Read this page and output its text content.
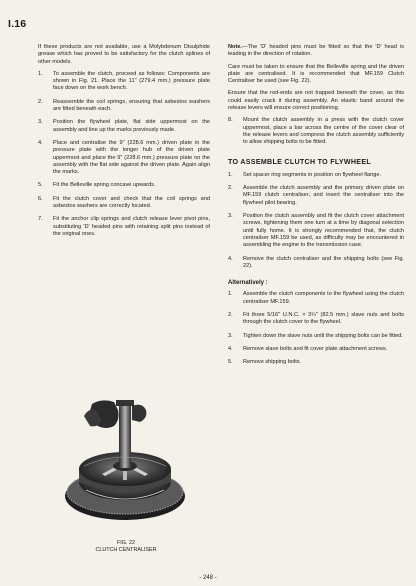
I.16

If these products are not available, use a Molybdenum Disulphide grease which has proved to be satisfactory for the clutch splines of other models.

1.	To assemble the clutch, proceed as follows: Components are shown in Fig. 21. Place the 11" (279.4 mm.) pressure plate face down on the work bench.
2.	Reassemble the coil springs, ensuring that asbestos washers are fitted beneath each.
3.	Position the flywheel plate, flat side uppermost on the assembly and line up the marks previously made.
4.	Place and centralise the 9" (228.6 mm.) driven plate in the pressure plate with the longer hub of the driven plate uppermost and place the 9" (228.6 mm.) pressure plate on the assembly with the flat side against the driven plate. Again align the marks.
5.	Fit the Belleville spring concave upwards.
6.	Fit the clutch cover and check that the coil springs and asbestos washers are correctly located.
7.	Fit the anchor clip springs and clutch release lever pivot pins, substituting 'D' headed pins with retaining split pins instead of the original ones.
FIG. 22
CLUTCH CENTRALISER

Note.—The 'D' headed pins must be fitted so that the 'D' head is leading in the direction of rotation.

Care must be taken to ensure that the Belleville spring and the driven plate are centralised. It is recommended that MF.159 Clutch Centraliser be used (see Fig. 22).

Ensure that the rod-ends are not trapped beneath the cover, as this could easily crack it during assembly. An elastic band around the release levers will ensure correct positioning.

8.	Mount the clutch assembly in a press with the clutch cover uppermost, place a bar across the centre of the cover clear of the release levers and compress the clutch assembly sufficiently to allow shipping bolts to be fitted.
TO ASSEMBLE CLUTCH TO FLYWHEEL
1.	Set spacer ring segments in position on flywheel flange.
2.	Assemble the clutch assembly and the primary driven plate on MF.159 clutch centraliser, and insert the centraliser into the flywheel pilot bearing.
3.	Position the clutch assembly and fit the clutch cover attachment screws, tightening them one turn at a time by diagonal selection until fully home. It is strongly recommended that, the clutch centraliser MF.159 be used, as difficulty may be encountered in assembling the engine to the transmission case.
4.	Remove the clutch centraliser and the shipping bolts (see Fig. 22).
Alternatively :
1.	Assemble the clutch components to the flywheel using the clutch centraliser MF.159.
2.	Fit three 5/16" U.N.C. × 3¼" (82.5 mm.) slave nuts and bolts through the clutch cover to the flywheel.
3.	Tighten down the slave nuts until the shipping bolts can be fitted.
4.	Remove slave bolts and fit cover plate attachment screws.
5.	Remove shipping bolts.
- 248 -
